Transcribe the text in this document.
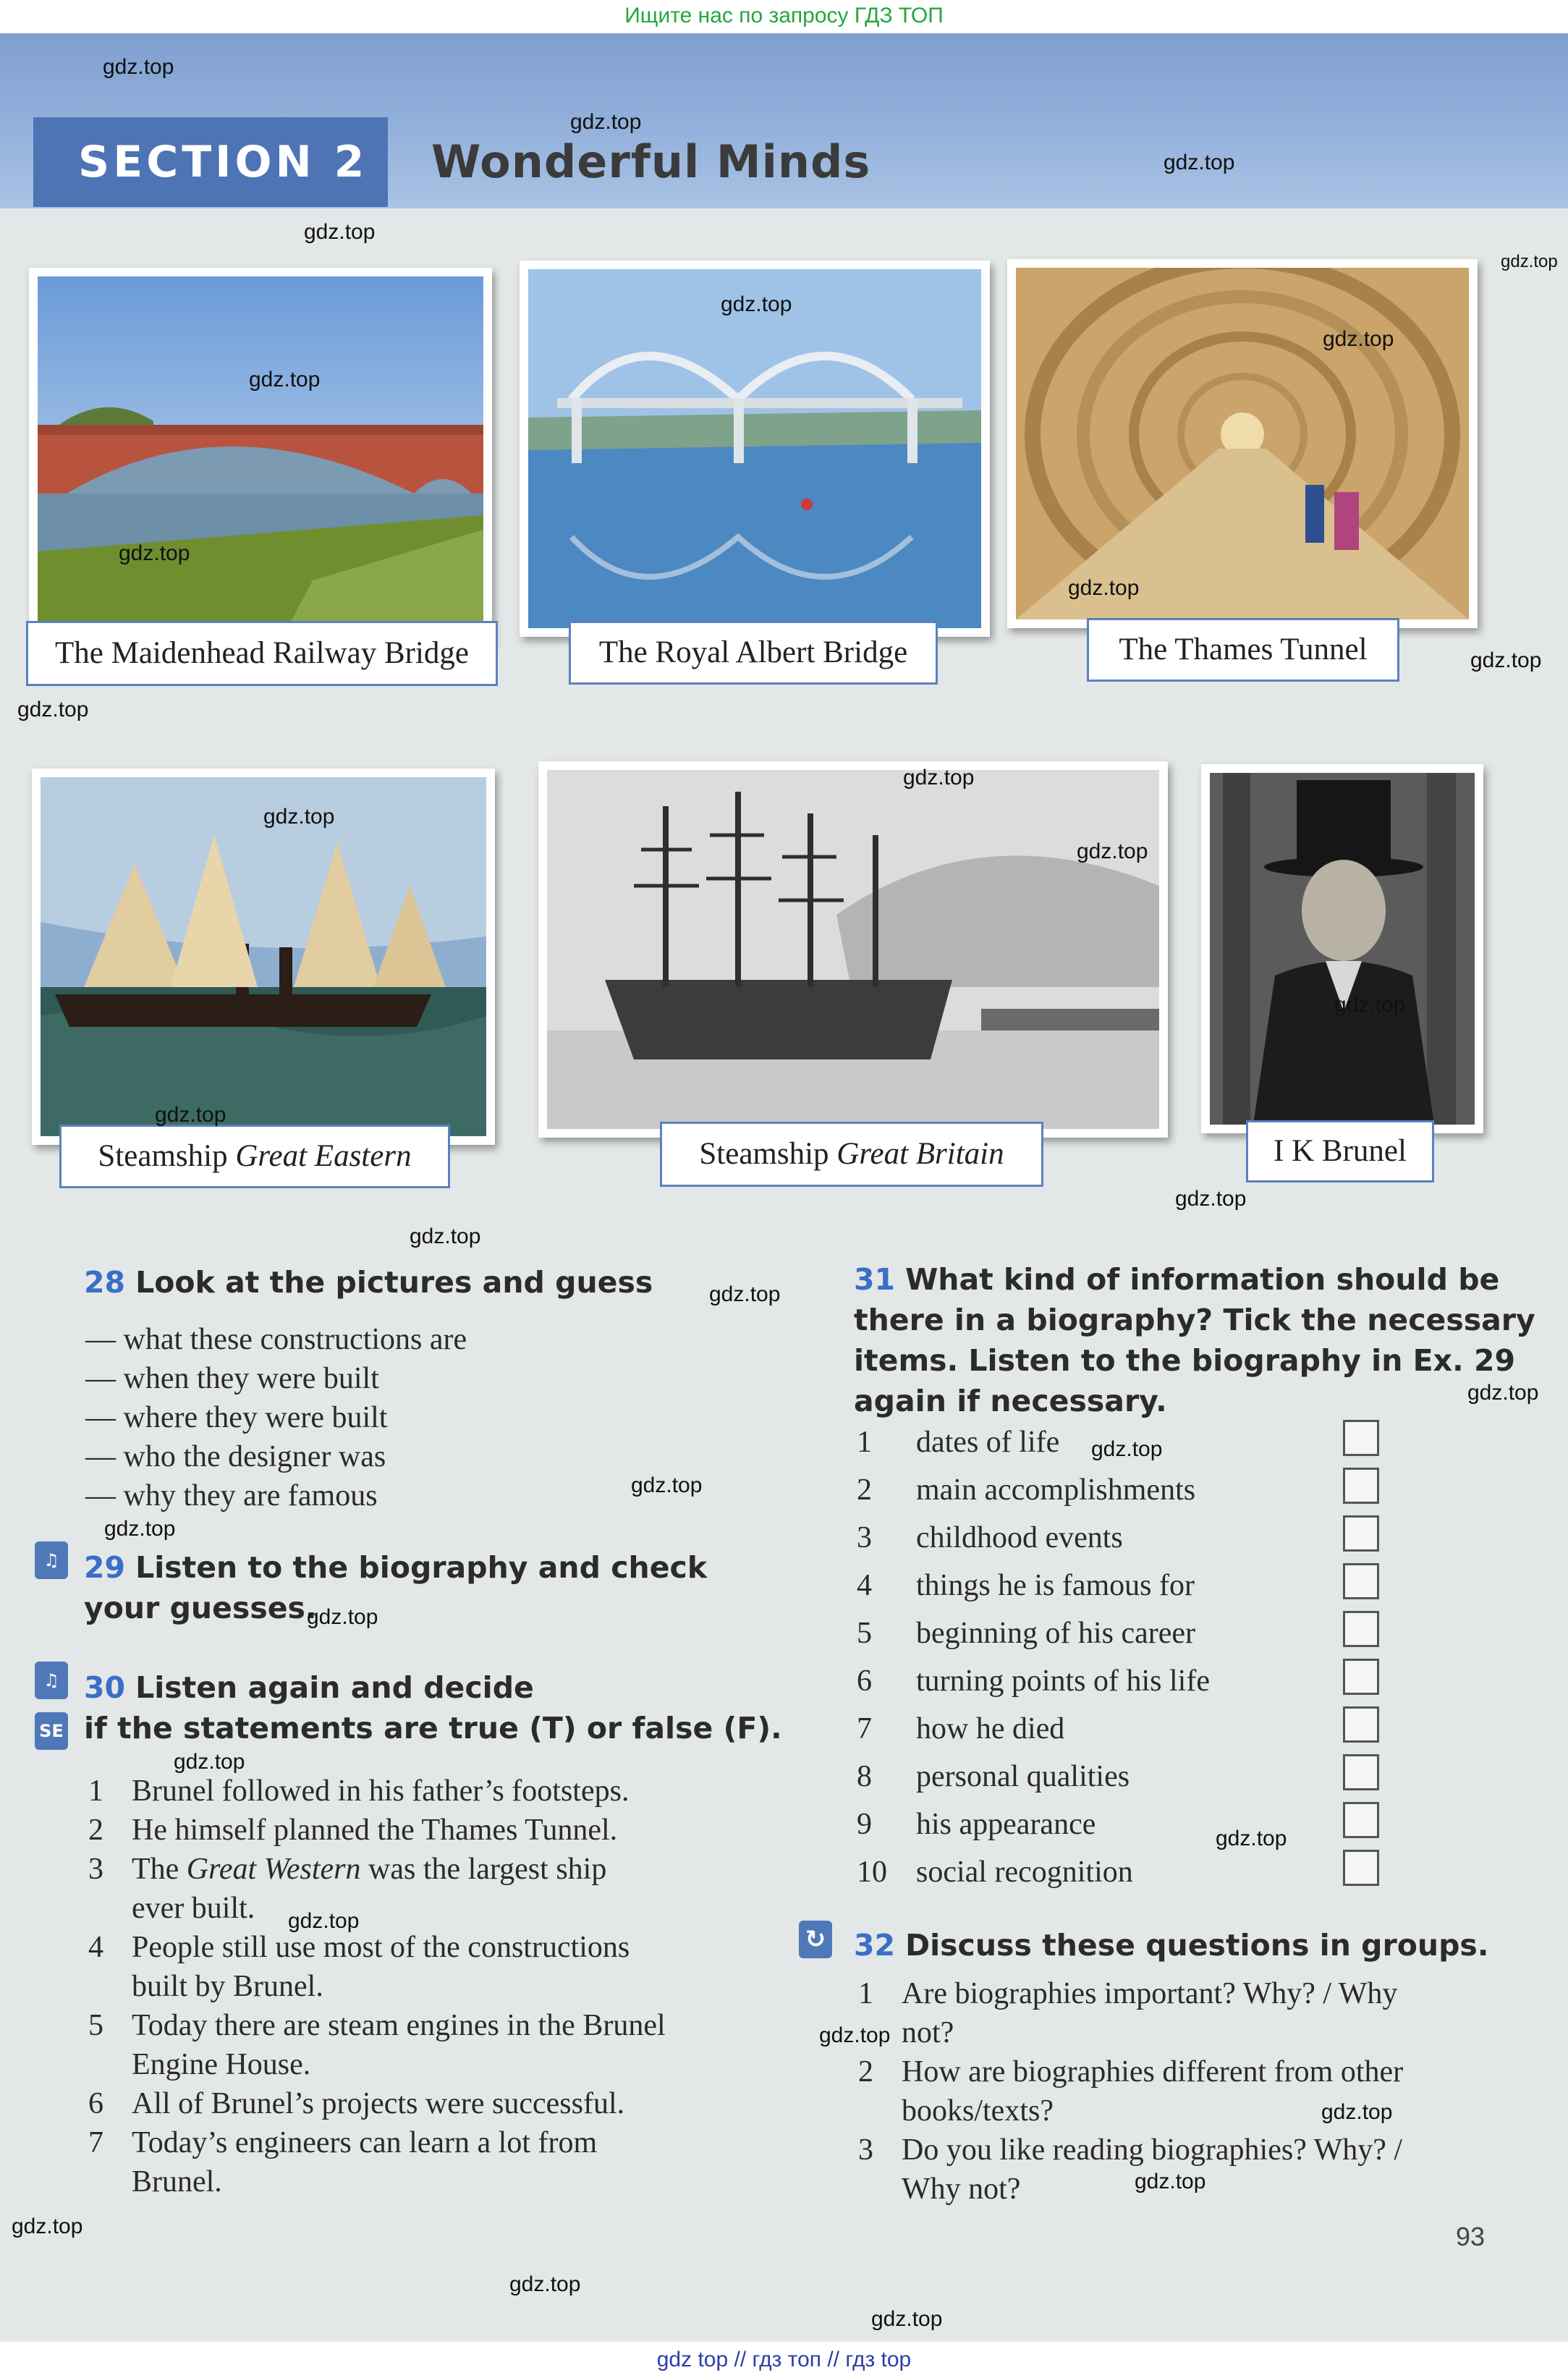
Ищите нас по запросу ГДЗ ТОП
gdz top // гдз топ // гдз top
SECTION 2	Wonderful Minds
The Maidenhead Railway Bridge	The Royal Albert Bridge	The Thames Tunnel
Steamship Great Eastern	Steamship Great Britain	I K Brunel
28 Look at the pictures and guess
— what these constructions are
— when they were built
— where they were built
— who the designer was
— why they are famous
♫ 29 Listen to the biography and check
your guesses.
♫
SE
30 Listen again and decide
if the statements are true (T) or false (F).
1 Brunel followed in his father’s footsteps.
2 He himself planned the Thames Tunnel.
3 The Great Western was the largest ship
ever built.
4 People still use most of the constructions
built by Brunel.
5 Today there are steam engines in the Brunel
Engine House.
6 All of Brunel’s projects were successful.
7 Today’s engineers can learn a lot from
Brunel.
31 What kind of information should be
there in a biography? Tick the necessary
items. Listen to the biography in Ex. 29
again if necessary.
1 dates of life
2 main accomplishments
3 childhood events
4 things he is famous for
5 beginning of his career
6 turning points of his life
7 how he died
8 personal qualities
9 his appearance
10 social recognition
↻ 32 Discuss these questions in groups.
1 Are biographies important? Why? / Why
not?
2 How are biographies different from other
books/texts?
3 Do you like reading biographies? Why? /
Why not?
93
gdz.top
gdz.top
gdz.top
gdz.top
gdz.top
gdz.top
gdz.top
gdz.top
gdz.top
gdz.top
gdz.top
gdz.top
gdz.top
gdz.top
gdz.top
gdz.top
gdz.top
gdz.top
gdz.top
gdz.top
gdz.top
gdz.top
gdz.top
gdz.top
gdz.top
gdz.top
gdz.top
gdz.top
gdz.top
gdz.top
gdz.top
gdz.top
gdz.top
gdz.top
